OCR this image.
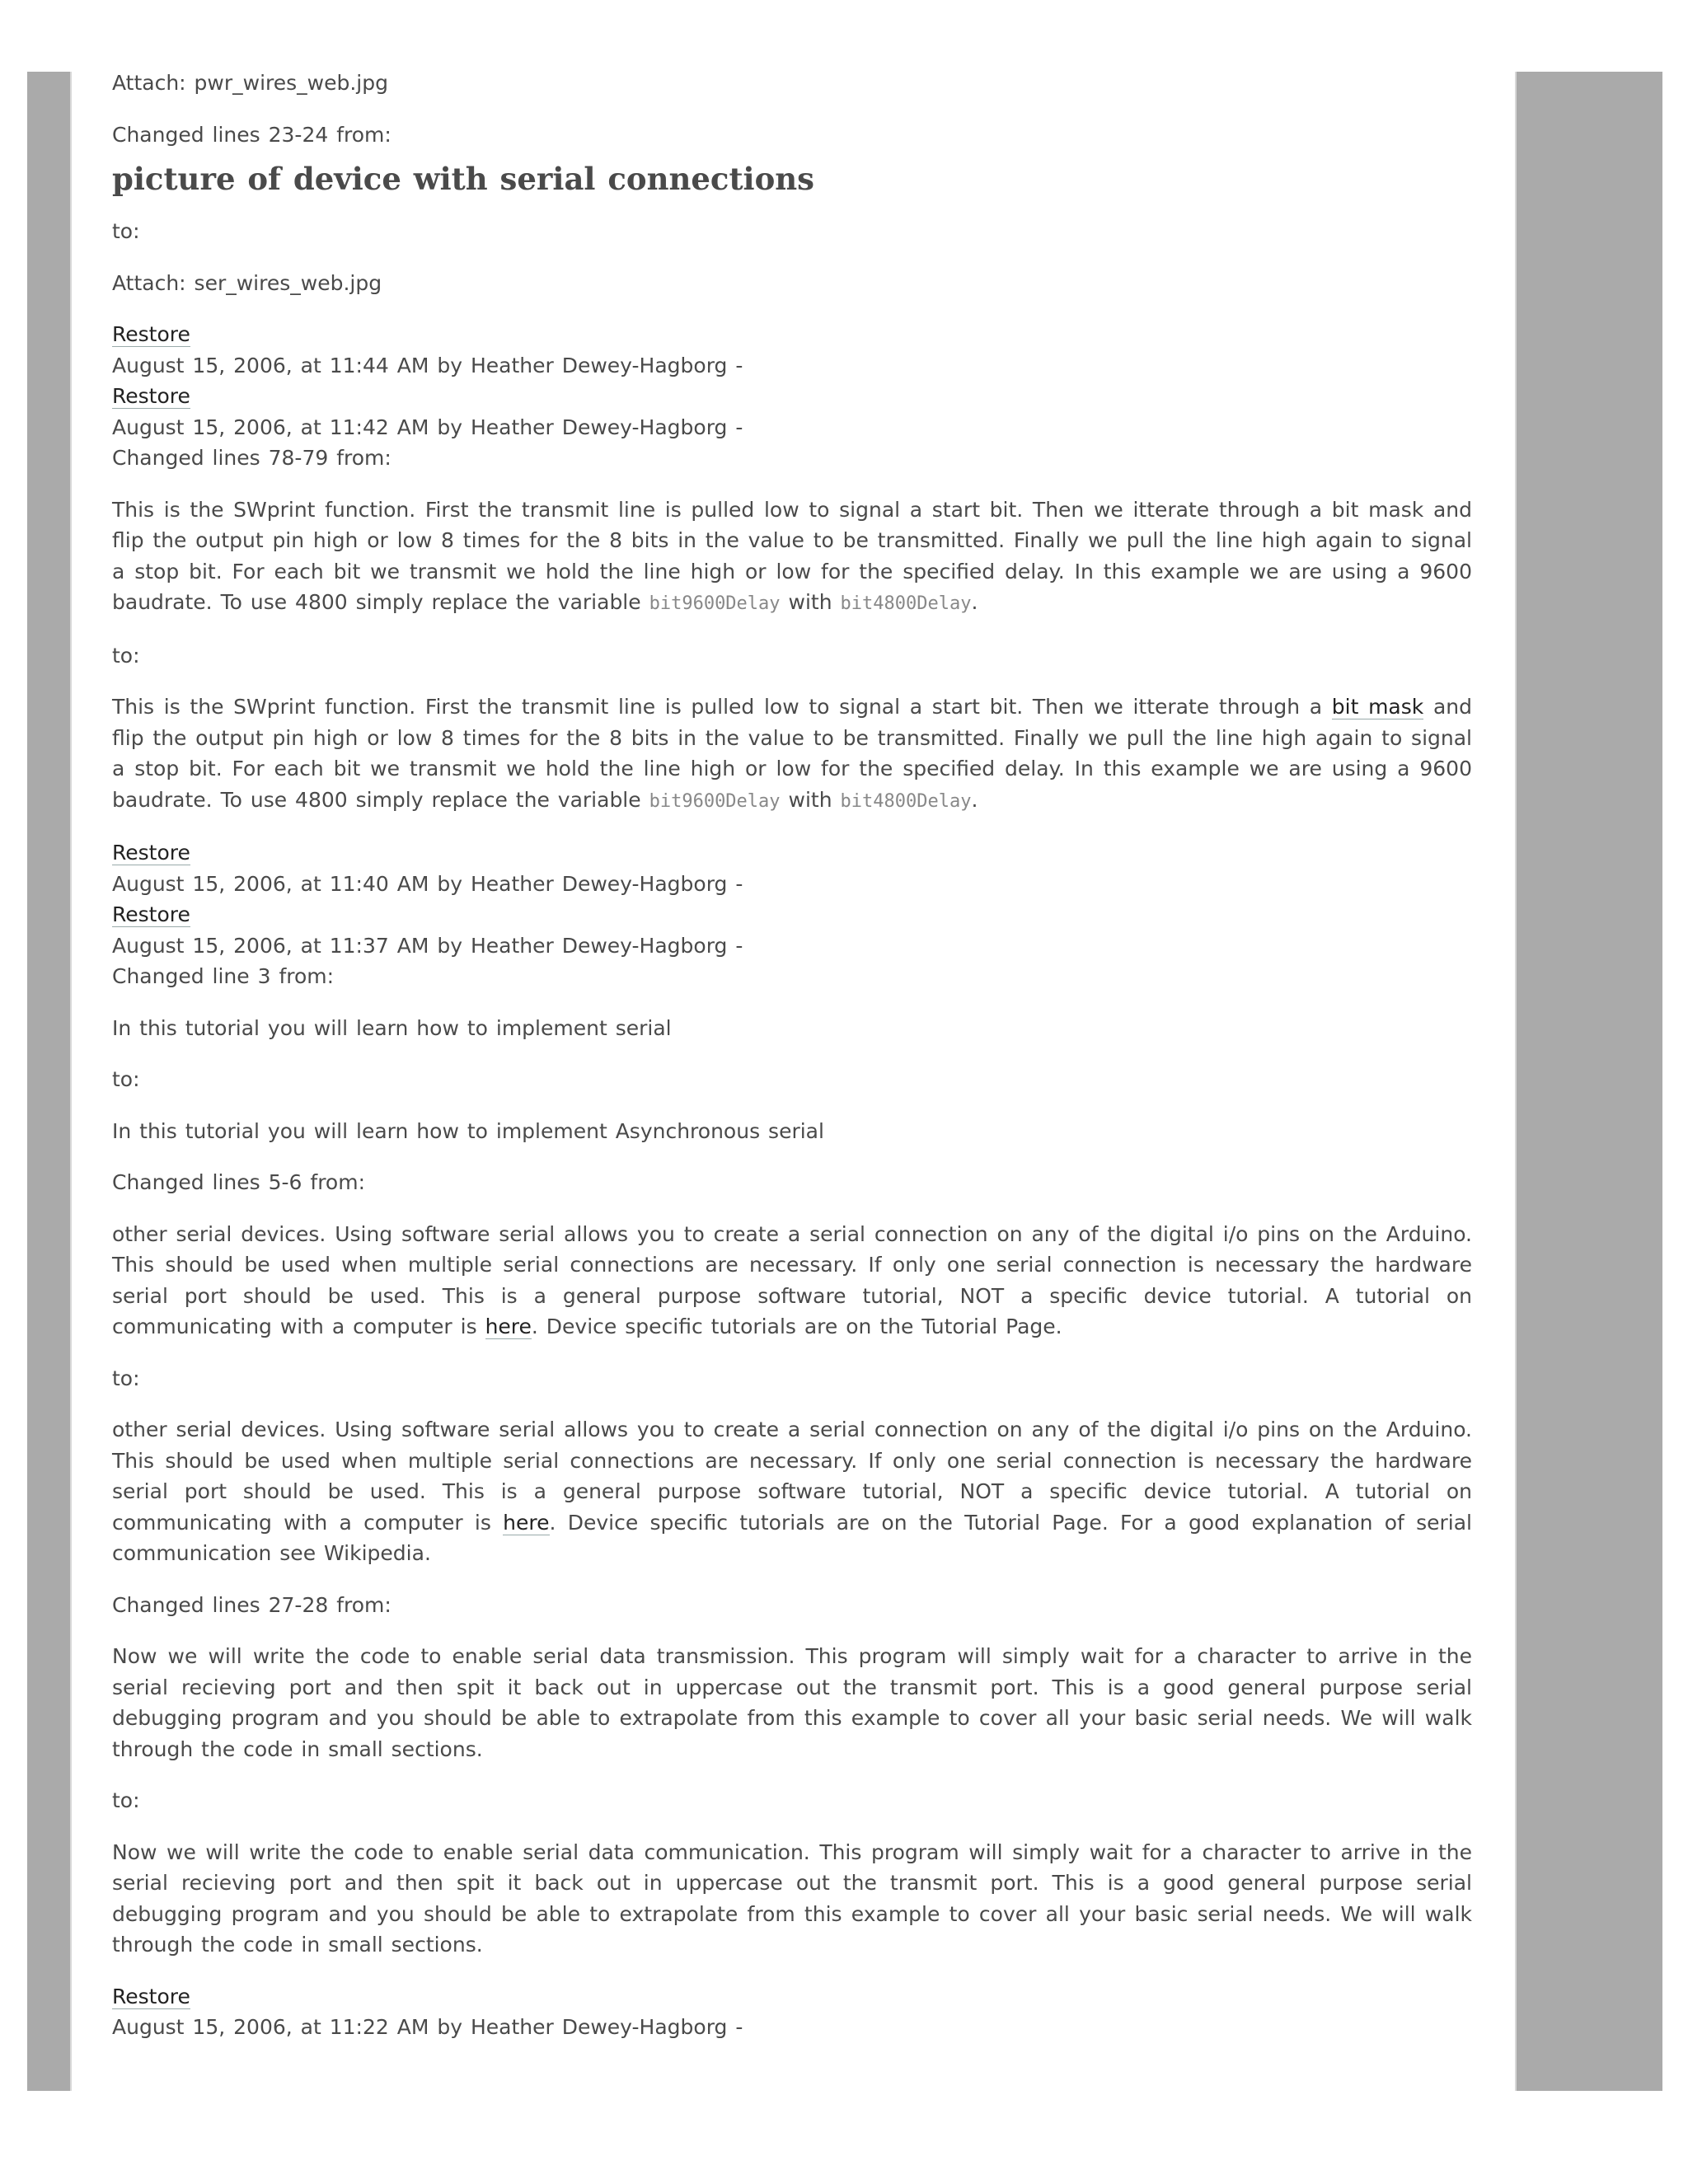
Attach: pwr_wires_web.jpg

Changed lines 23-24 from:

picture of device with serial connections

to:

Attach: ser_wires_web.jpg

Restore
August 15, 2006, at 11:44 AM by Heather Dewey-Hagborg -
Restore
August 15, 2006, at 11:42 AM by Heather Dewey-Hagborg -
Changed lines 78-79 from:

This is the SWprint function. First the transmit line is pulled low to signal a start bit. Then we itterate through a bit mask and flip the output pin high or low 8 times for the 8 bits in the value to be transmitted. Finally we pull the line high again to signal a stop bit. For each bit we transmit we hold the line high or low for the specified delay. In this example we are using a 9600 baudrate. To use 4800 simply replace the variable bit9600Delay with bit4800Delay.

to:

This is the SWprint function. First the transmit line is pulled low to signal a start bit. Then we itterate through a bit mask and flip the output pin high or low 8 times for the 8 bits in the value to be transmitted. Finally we pull the line high again to signal a stop bit. For each bit we transmit we hold the line high or low for the specified delay. In this example we are using a 9600 baudrate. To use 4800 simply replace the variable bit9600Delay with bit4800Delay.

Restore
August 15, 2006, at 11:40 AM by Heather Dewey-Hagborg -
Restore
August 15, 2006, at 11:37 AM by Heather Dewey-Hagborg -
Changed line 3 from:

In this tutorial you will learn how to implement serial

to:

In this tutorial you will learn how to implement Asynchronous serial

Changed lines 5-6 from:

other serial devices. Using software serial allows you to create a serial connection on any of the digital i/o pins on the Arduino. This should be used when multiple serial connections are necessary. If only one serial connection is necessary the hardware serial port should be used. This is a general purpose software tutorial, NOT a specific device tutorial. A tutorial on communicating with a computer is here. Device specific tutorials are on the Tutorial Page.

to:

other serial devices. Using software serial allows you to create a serial connection on any of the digital i/o pins on the Arduino. This should be used when multiple serial connections are necessary. If only one serial connection is necessary the hardware serial port should be used. This is a general purpose software tutorial, NOT a specific device tutorial. A tutorial on communicating with a computer is here. Device specific tutorials are on the Tutorial Page. For a good explanation of serial communication see Wikipedia.

Changed lines 27-28 from:

Now we will write the code to enable serial data transmission. This program will simply wait for a character to arrive in the serial recieving port and then spit it back out in uppercase out the transmit port. This is a good general purpose serial debugging program and you should be able to extrapolate from this example to cover all your basic serial needs. We will walk through the code in small sections.

to:

Now we will write the code to enable serial data communication. This program will simply wait for a character to arrive in the serial recieving port and then spit it back out in uppercase out the transmit port. This is a good general purpose serial debugging program and you should be able to extrapolate from this example to cover all your basic serial needs. We will walk through the code in small sections.

Restore
August 15, 2006, at 11:22 AM by Heather Dewey-Hagborg -
